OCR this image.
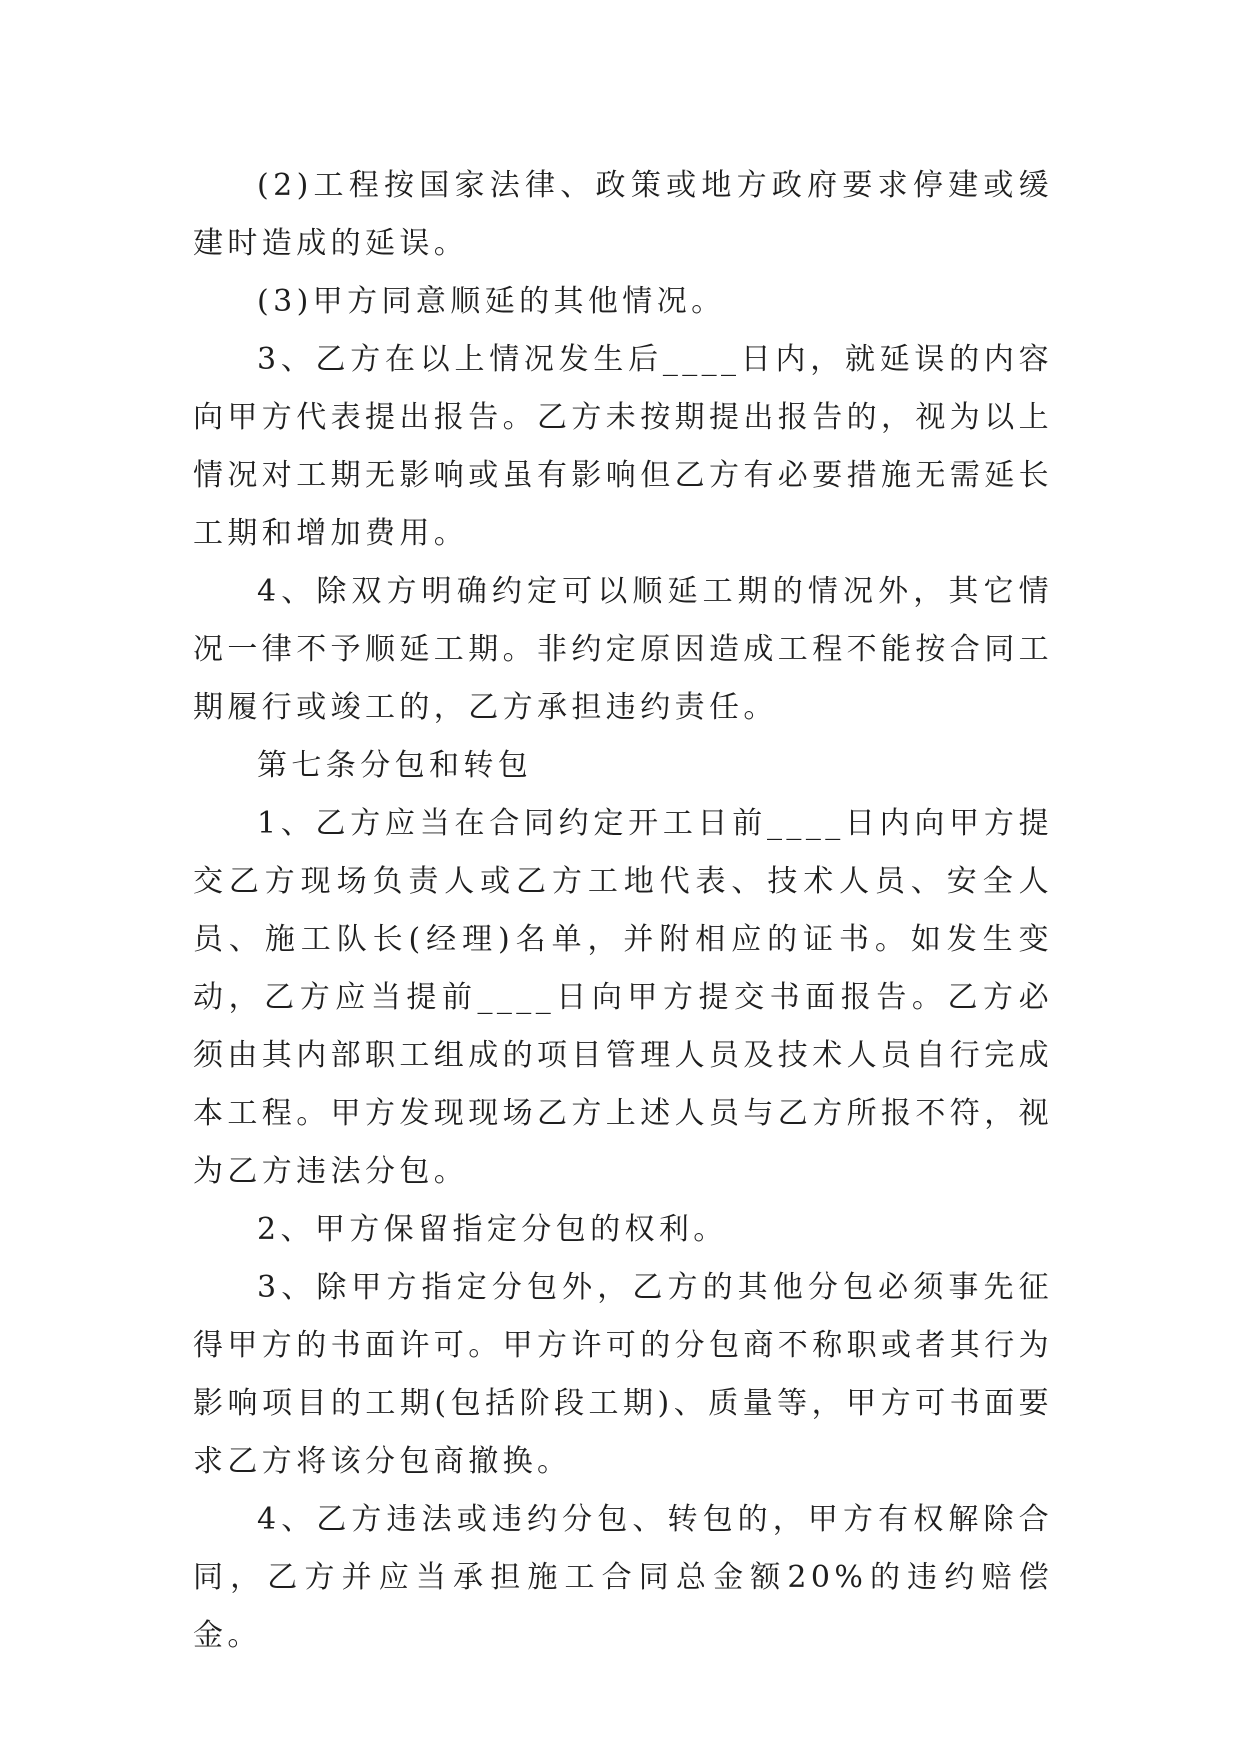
(2)工程按国家法律、政策或地方政府要求停建或缓建时造成的延误。

(3)甲方同意顺延的其他情况。

3、乙方在以上情况发生后____日内，就延误的内容向甲方代表提出报告。乙方未按期提出报告的，视为以上情况对工期无影响或虽有影响但乙方有必要措施无需延长工期和增加费用。

4、除双方明确约定可以顺延工期的情况外，其它情况一律不予顺延工期。非约定原因造成工程不能按合同工期履行或竣工的，乙方承担违约责任。

第七条分包和转包

1、乙方应当在合同约定开工日前____日内向甲方提交乙方现场负责人或乙方工地代表、技术人员、安全人员、施工队长(经理)名单，并附相应的证书。如发生变动，乙方应当提前____日向甲方提交书面报告。乙方必须由其内部职工组成的项目管理人员及技术人员自行完成本工程。甲方发现现场乙方上述人员与乙方所报不符，视为乙方违法分包。

2、甲方保留指定分包的权利。

3、除甲方指定分包外，乙方的其他分包必须事先征得甲方的书面许可。甲方许可的分包商不称职或者其行为影响项目的工期(包括阶段工期)、质量等，甲方可书面要求乙方将该分包商撤换。

4、乙方违法或违约分包、转包的，甲方有权解除合同，乙方并应当承担施工合同总金额20%的违约赔偿金。
